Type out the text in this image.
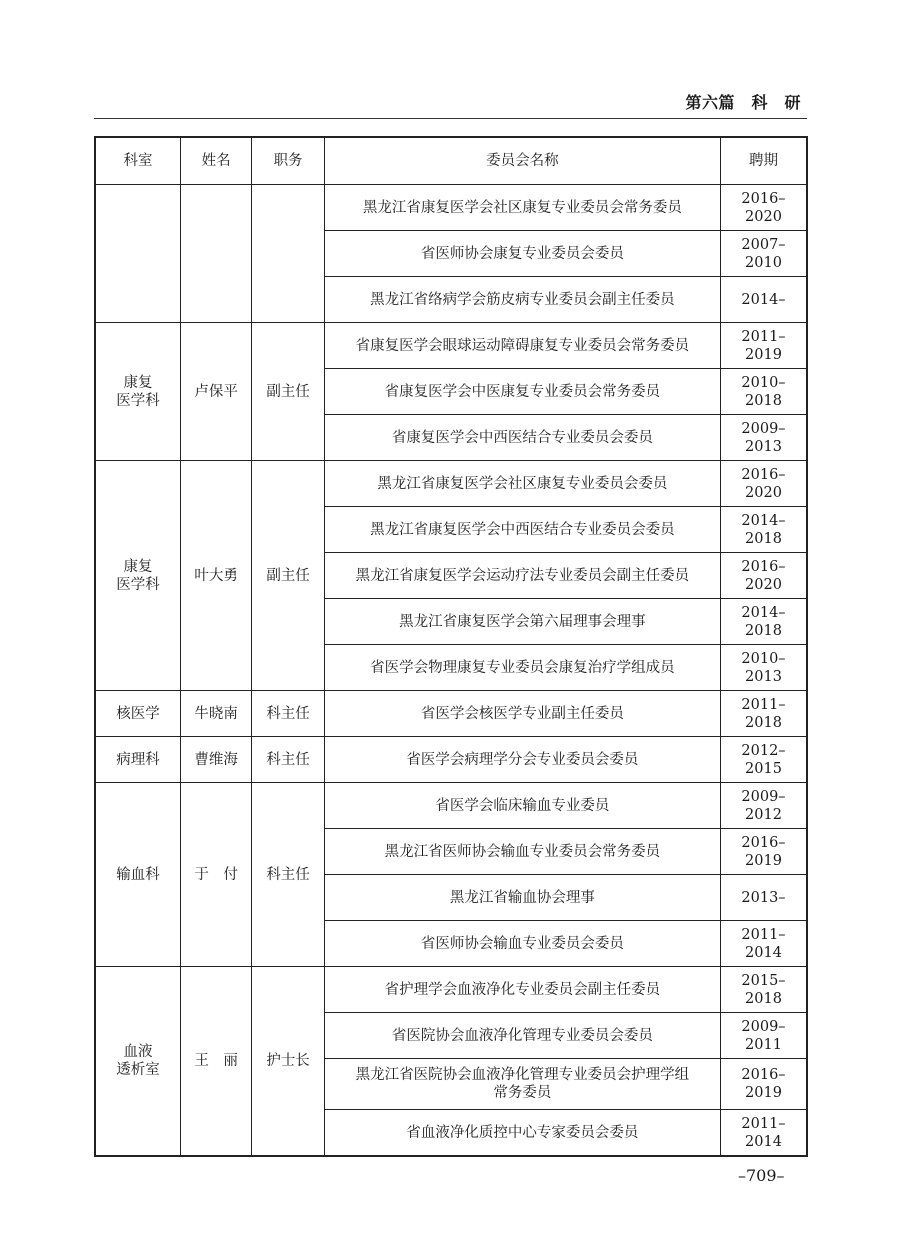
第六篇　科　研
科室	姓名	职务	委员会名称	聘期
			黑龙江省康复医学会社区康复专业委员会常务委员	2016–2020
			省医师协会康复专业委员会委员	2007–2010
			黑龙江省络病学会筋皮病专业委员会副主任委员	2014–
康复
医学科	卢保平	副主任	省康复医学会眼球运动障碍康复专业委员会常务委员	2011–2019
			省康复医学会中医康复专业委员会常务委员	2010–2018
			省康复医学会中西医结合专业委员会委员	2009–2013
康复
医学科	叶大勇	副主任	黑龙江省康复医学会社区康复专业委员会委员	2016–2020
			黑龙江省康复医学会中西医结合专业委员会委员	2014–2018
			黑龙江省康复医学会运动疗法专业委员会副主任委员	2016–2020
			黑龙江省康复医学会第六届理事会理事	2014–2018
			省医学会物理康复专业委员会康复治疗学组成员	2010–2013
核医学	牛晓南	科主任	省医学会核医学专业副主任委员	2011–2018
病理科	曹维海	科主任	省医学会病理学分会专业委员会委员	2012–2015
输血科	于　付	科主任	省医学会临床输血专业委员	2009–2012
			黑龙江省医师协会输血专业委员会常务委员	2016–2019
			黑龙江省输血协会理事	2013–
			省医师协会输血专业委员会委员	2011–2014
血液
透析室	王　丽	护士长	省护理学会血液净化专业委员会副主任委员	2015–2018
			省医院协会血液净化管理专业委员会委员	2009–2011
			黑龙江省医院协会血液净化管理专业委员会护理学组
常务委员	2016–2019
			省血液净化质控中心专家委员会委员	2011–2014
–709–
